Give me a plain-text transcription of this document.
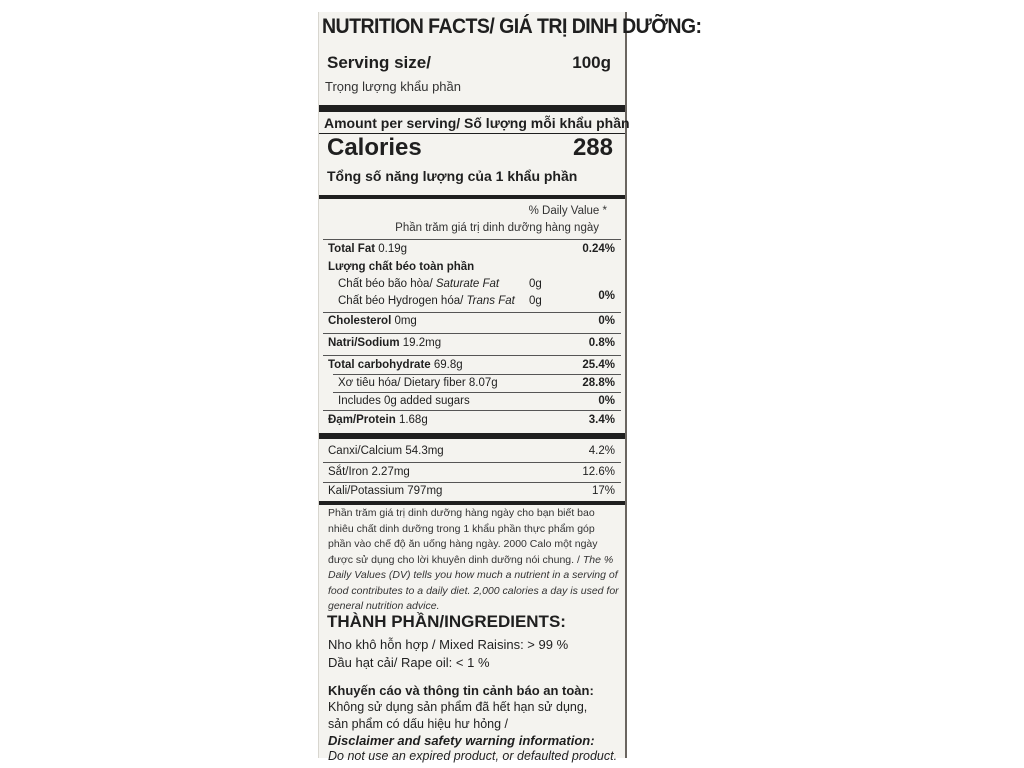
NUTRITION FACTS/ GIÁ TRỊ DINH DƯỠNG:
Serving size/	100g
Trọng lượng khẩu phần
Amount per serving/ Số lượng mỗi khẩu phần
Calories	288
Tổng số năng lượng của 1 khẩu phần
% Daily Value *
Phần trăm giá trị dinh dưỡng hàng ngày
Total Fat 0.19g	0.24%
Lượng chất béo toàn phần
Chất béo bão hòa/ Saturate Fat	0g
Chất béo Hydrogen hóa/ Trans Fat 0g	0%
Cholesterol 0mg	0%
Natri/Sodium 19.2mg	0.8%
Total carbohydrate 69.8g	25.4%
Xơ tiêu hóa/ Dietary fiber 8.07g	28.8%
Includes 0g added sugars	0%
Đạm/Protein 1.68g	3.4%
Canxi/Calcium 54.3mg	4.2%
Sắt/Iron 2.27mg	12.6%
Kali/Potassium 797mg	17%
Phần trăm giá trị dinh dưỡng hàng ngày cho bạn biết bao nhiêu chất dinh dưỡng trong 1 khẩu phần thực phẩm góp phần vào chế độ ăn uống hàng ngày. 2000 Calo một ngày được sử dụng cho lời khuyên dinh dưỡng nói chung. / The % Daily Values (DV) tells you how much a nutrient in a serving of food contributes to a daily diet. 2,000 calories a day is used for general nutrition advice.
THÀNH PHẦN/INGREDIENTS:
Nho khô hỗn hợp / Mixed Raisins: > 99 %
Dầu hạt cải/ Rape oil: < 1 %
Khuyến cáo và thông tin cảnh báo an toàn:
Không sử dụng sản phẩm đã hết hạn sử dụng,
sản phẩm có dấu hiệu hư hỏng /
Disclaimer and safety warning information:
Do not use an expired product, or defaulted product.
